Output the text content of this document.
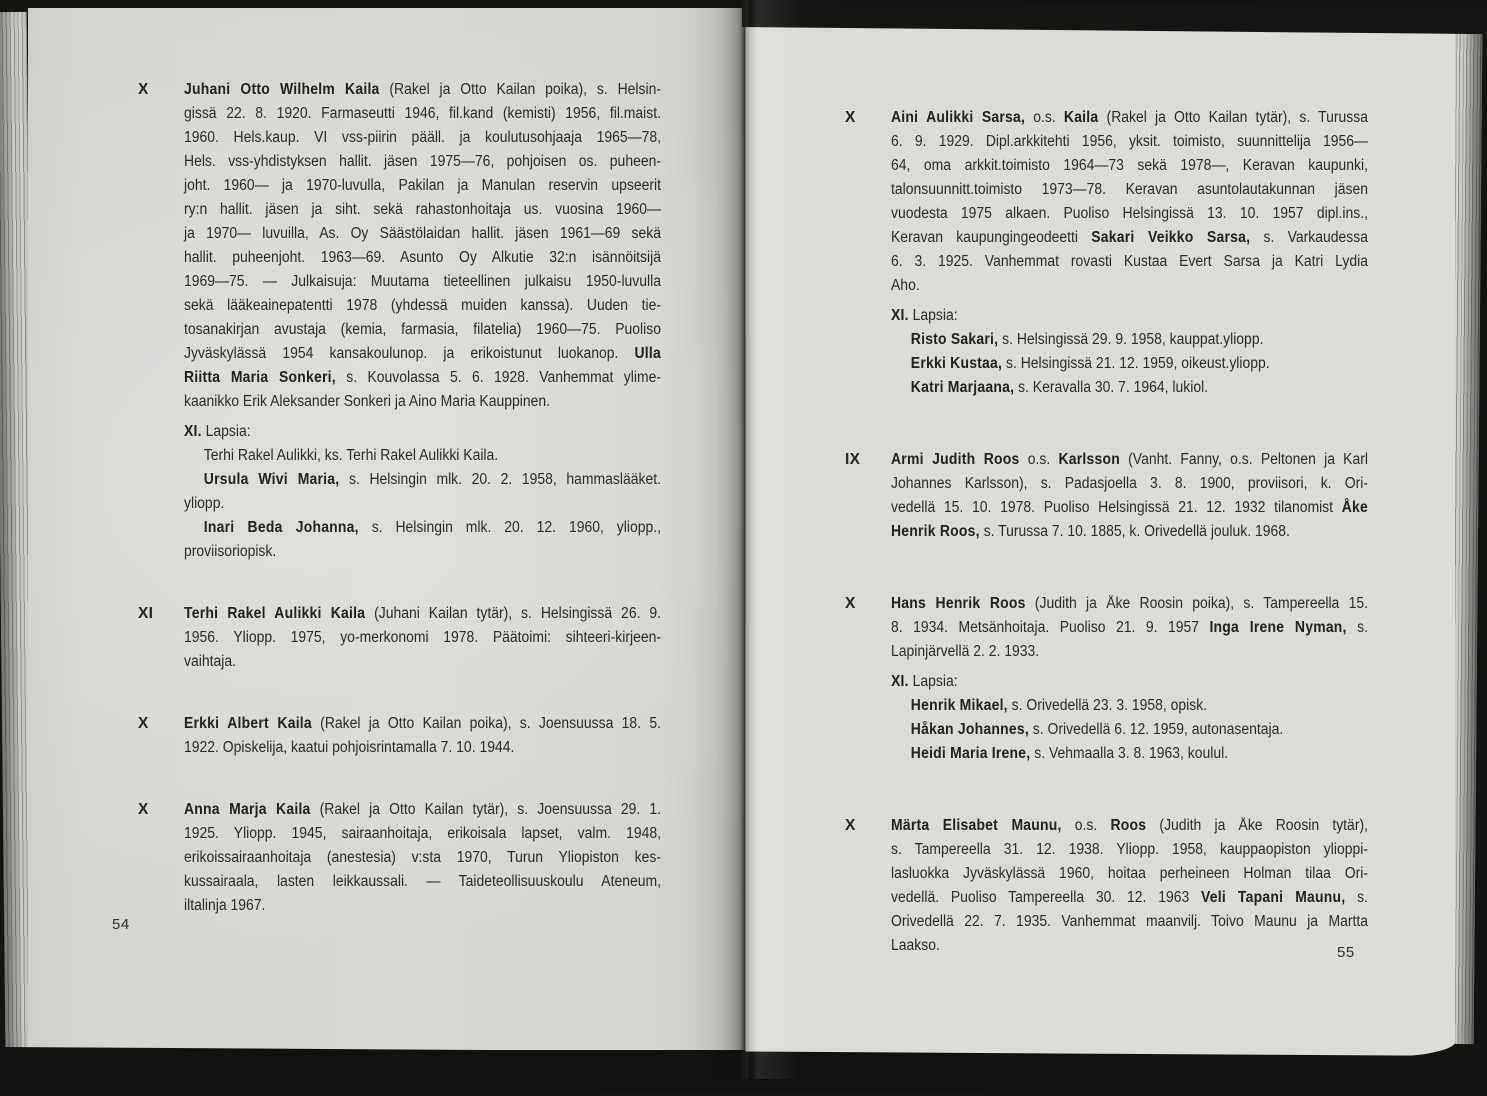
X	Juhani Otto Wilhelm Kaila (Rakel ja Otto Kailan poika), s. Helsin-
gissä 22. 8. 1920. Farmaseutti 1946, fil.kand (kemisti) 1956, fil.maist.
1960. Hels.kaup. VI vss-piirin pääll. ja koulutusohjaaja 1965—78,
Hels. vss-yhdistyksen hallit. jäsen 1975—76, pohjoisen os. puheen-
joht. 1960— ja 1970-luvulla, Pakilan ja Manulan reservin upseerit
ry:n hallit. jäsen ja siht. sekä rahastonhoitaja us. vuosina 1960—
ja 1970— luvuilla, As. Oy Säästölaidan hallit. jäsen 1961—69 sekä
hallit. puheenjoht. 1963—69. Asunto Oy Alkutie 32:n isännöitsijä
1969—75. — Julkaisuja: Muutama tieteellinen julkaisu 1950-luvulla
sekä lääkeainepatentti 1978 (yhdessä muiden kanssa). Uuden tie-
tosanakirjan avustaja (kemia, farmasia, filatelia) 1960—75. Puoliso
Jyväskylässä 1954 kansakoulunop. ja erikoistunut luokanop. Ulla
Riitta Maria Sonkeri, s. Kouvolassa 5. 6. 1928. Vanhemmat ylime-
kaanikko Erik Aleksander Sonkeri ja Aino Maria Kauppinen.
XI. Lapsia:
Terhi Rakel Aulikki, ks. Terhi Rakel Aulikki Kaila.
Ursula Wivi Maria, s. Helsingin mlk. 20. 2. 1958, hammaslääket.
yliopp.
Inari Beda Johanna, s. Helsingin mlk. 20. 12. 1960, yliopp.,
proviisoriopisk.
XI	Terhi Rakel Aulikki Kaila (Juhani Kailan tytär), s. Helsingissä 26. 9.
1956. Yliopp. 1975, yo-merkonomi 1978. Päätoimi: sihteeri-kirjeen-
vaihtaja.
X	Erkki Albert Kaila (Rakel ja Otto Kailan poika), s. Joensuussa 18. 5.
1922. Opiskelija, kaatui pohjoisrintamalla 7. 10. 1944.
X	Anna Marja Kaila (Rakel ja Otto Kailan tytär), s. Joensuussa 29. 1.
1925. Yliopp. 1945, sairaanhoitaja, erikoisala lapset, valm. 1948,
erikoissairaanhoitaja (anestesia) v:sta 1970, Turun Yliopiston kes-
kussairaala, lasten leikkaussali. — Taideteollisuuskoulu Ateneum,
iltalinja 1967.
54
X	Aini Aulikki Sarsa, o.s. Kaila (Rakel ja Otto Kailan tytär), s. Turussa
6. 9. 1929. Dipl.arkkitehti 1956, yksit. toimisto, suunnittelija 1956—
64, oma arkkit.toimisto 1964—73 sekä 1978—, Keravan kaupunki,
talonsuunnitt.toimisto 1973—78. Keravan asuntolautakunnan jäsen
vuodesta 1975 alkaen. Puoliso Helsingissä 13. 10. 1957 dipl.ins.,
Keravan kaupungingeodeetti Sakari Veikko Sarsa, s. Varkaudessa
6. 3. 1925. Vanhemmat rovasti Kustaa Evert Sarsa ja Katri Lydia
Aho.
XI. Lapsia:
Risto Sakari, s. Helsingissä 29. 9. 1958, kauppat.yliopp.
Erkki Kustaa, s. Helsingissä 21. 12. 1959, oikeust.yliopp.
Katri Marjaana, s. Keravalla 30. 7. 1964, lukiol.
IX	Armi Judith Roos o.s. Karlsson (Vanht. Fanny, o.s. Peltonen ja Karl
Johannes Karlsson), s. Padasjoella 3. 8. 1900, proviisori, k. Ori-
vedellä 15. 10. 1978. Puoliso Helsingissä 21. 12. 1932 tilanomist Åke
Henrik Roos, s. Turussa 7. 10. 1885, k. Orivedellä jouluk. 1968.
X	Hans Henrik Roos (Judith ja Åke Roosin poika), s. Tampereella 15.
8. 1934. Metsänhoitaja. Puoliso 21. 9. 1957 Inga Irene Nyman, s.
Lapinjärvellä 2. 2. 1933.
XI. Lapsia:
Henrik Mikael, s. Orivedellä 23. 3. 1958, opisk.
Håkan Johannes, s. Orivedellä 6. 12. 1959, autonasentaja.
Heidi Maria Irene, s. Vehmaalla 3. 8. 1963, koulul.
X	Märta Elisabet Maunu, o.s. Roos (Judith ja Åke Roosin tytär),
s. Tampereella 31. 12. 1938. Yliopp. 1958, kauppaopiston ylioppi-
lasluokka Jyväskylässä 1960, hoitaa perheineen Holman tilaa Ori-
vedellä. Puoliso Tampereella 30. 12. 1963 Veli Tapani Maunu, s.
Orivedellä 22. 7. 1935. Vanhemmat maanvilj. Toivo Maunu ja Martta
Laakso.	55
